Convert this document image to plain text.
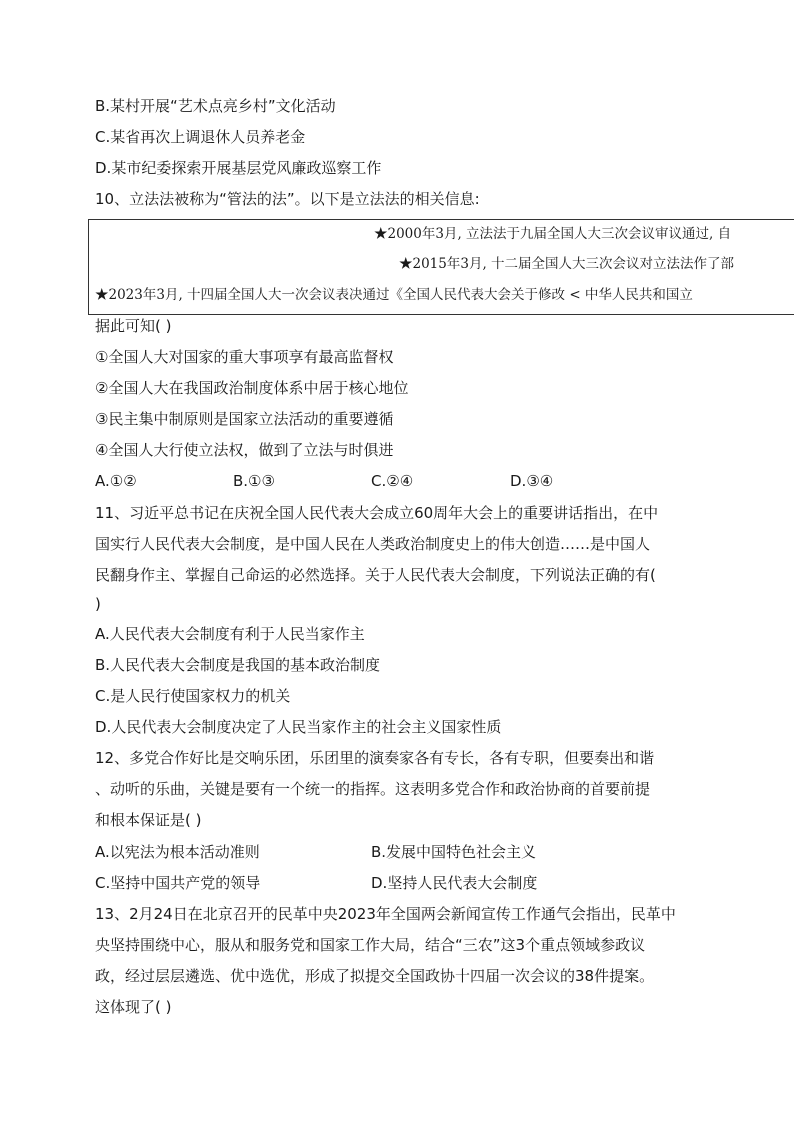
B.某村开展“艺术点亮乡村”文化活动
C.某省再次上调退休人员养老金
D.某市纪委探索开展基层党风廉政巡察工作
10、立法法被称为“管法的法”。以下是立法法的相关信息:
★2000年3月, 立法法于九届全国人大三次会议审议通过, 自
★2015年3月, 十二届全国人大三次会议对立法法作了部
★2023年3月, 十四届全国人大一次会议表决通过《全国人民代表大会关于修改 < 中华人民共和国立
据此可知( )
①全国人大对国家的重大事项享有最高监督权
②全国人大在我国政治制度体系中居于核心地位
③民主集中制原则是国家立法活动的重要遵循
④全国人大行使立法权，做到了立法与时俱进
A.①②	B.①③	C.②④	D.③④
11、习近平总书记在庆祝全国人民代表大会成立60周年大会上的重要讲话指出，在中
国实行人民代表大会制度，是中国人民在人类政治制度史上的伟大创造……是中国人
民翻身作主、掌握自己命运的必然选择。关于人民代表大会制度，下列说法正确的有(
)
A.人民代表大会制度有利于人民当家作主
B.人民代表大会制度是我国的基本政治制度
C.是人民行使国家权力的机关
D.人民代表大会制度决定了人民当家作主的社会主义国家性质
12、多党合作好比是交响乐团，乐团里的演奏家各有专长，各有专职，但要奏出和谐
、动听的乐曲，关键是要有一个统一的指挥。这表明多党合作和政治协商的首要前提
和根本保证是( )
A.以宪法为根本活动准则	B.发展中国特色社会主义
C.坚持中国共产党的领导	D.坚持人民代表大会制度
13、2月24日在北京召开的民革中央2023年全国两会新闻宣传工作通气会指出，民革中
央坚持围绕中心，服从和服务党和国家工作大局，结合“三农”这3个重点领域参政议
政，经过层层遴选、优中选优，形成了拟提交全国政协十四届一次会议的38件提案。
这体现了( )
